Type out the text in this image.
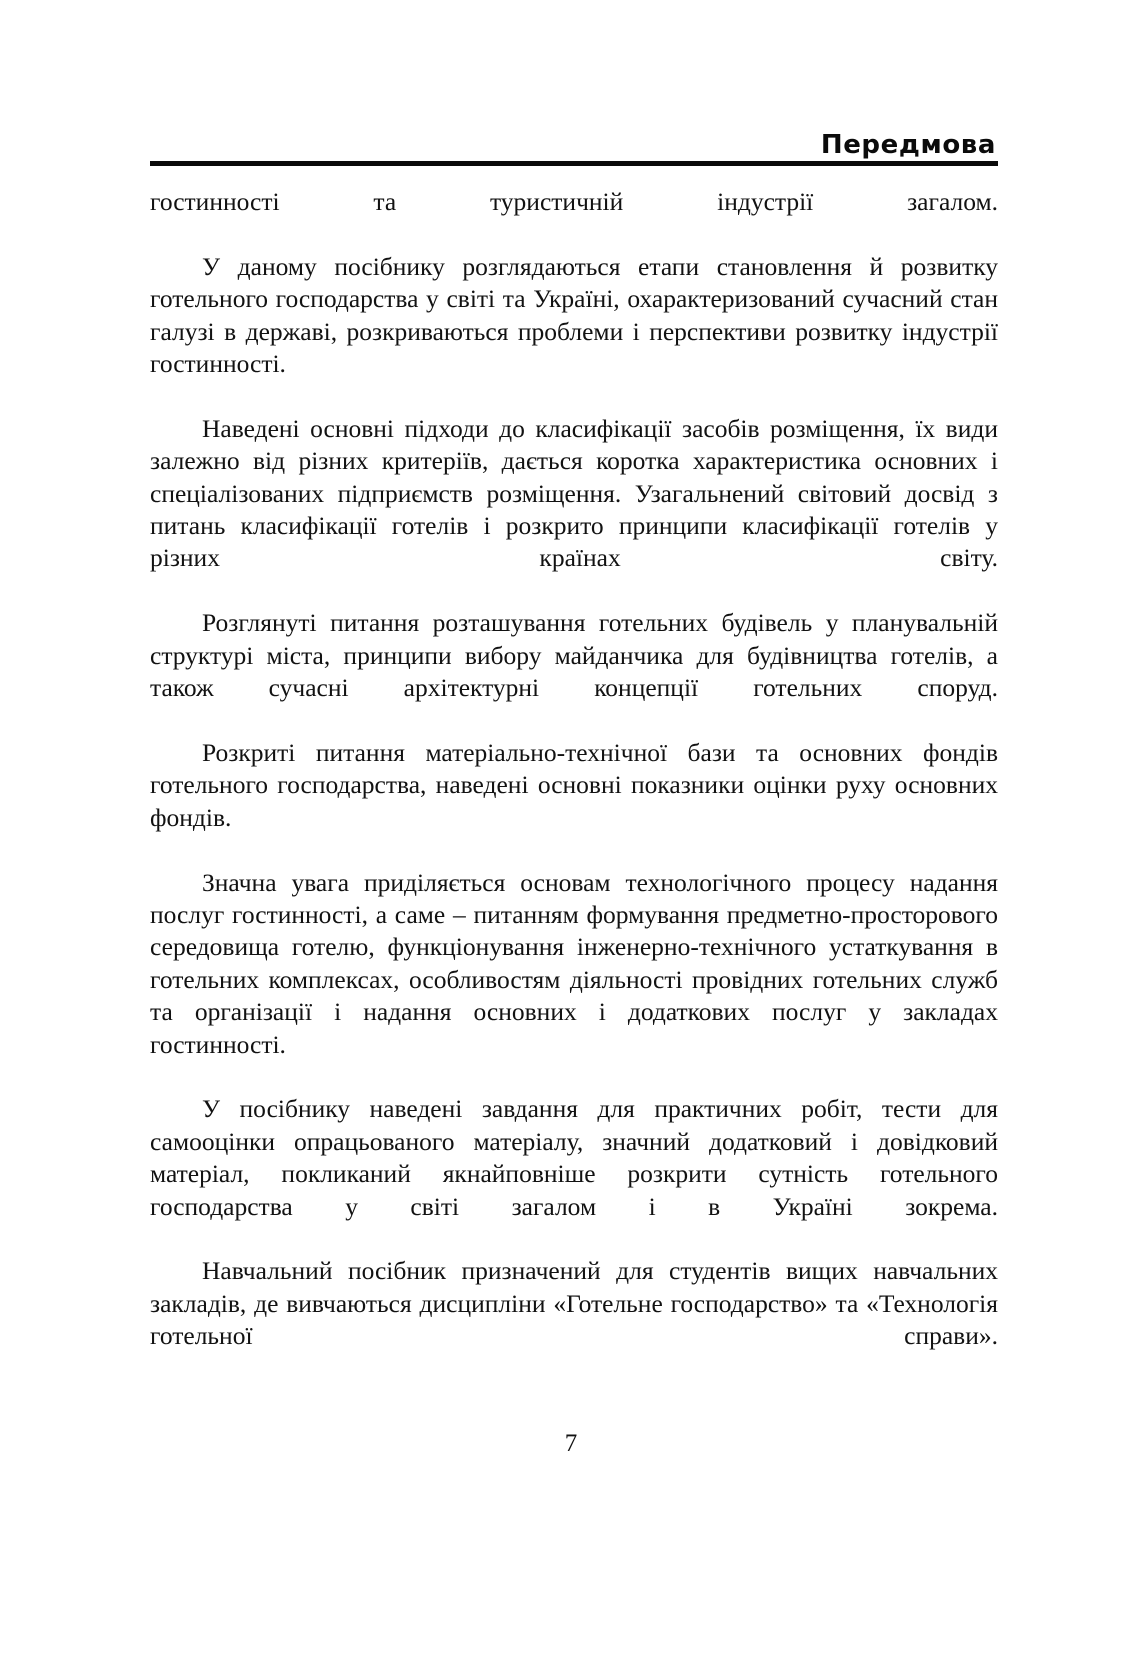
Передмова

гостинності та туристичній індустрії загалом.

У даному посібнику розглядаються етапи становлення й розвитку готельного господарства у світі та Україні, охарактеризований сучасний стан галузі в державі, розкриваються проблеми і перспективи розвитку індустрії гостинності.

Наведені основні підходи до класифікації засобів розміщення, їх види залежно від різних критеріїв, дається коротка характеристика основних і спеціалізованих підприємств розміщення. Узагальнений світовий досвід з питань класифікації готелів і розкрито принципи класифікації готелів у різних країнах світу.

Розглянуті питання розташування готельних будівель у планувальній структурі міста, принципи вибору майданчика для будівництва готелів, а також сучасні архітектурні концепції готельних споруд.

Розкриті питання матеріально-технічної бази та основних фондів готельного господарства, наведені основні показники оцінки руху основних фондів.

Значна увага приділяється основам технологічного процесу надання послуг гостинності, а саме – питанням формування предметно-просторового середовища готелю, функціонування інженерно-технічного устаткування в готельних комплексах, особливостям діяльності провідних готельних служб та організації і надання основних і додаткових послуг у закладах гостинності.

У посібнику наведені завдання для практичних робіт, тести для самооцінки опрацьованого матеріалу, значний додатковий і довідковий матеріал, покликаний якнайповніше розкрити сутність готельного господарства у світі загалом і в Україні зокрема.

Навчальний посібник призначений для студентів вищих навчальних закладів, де вивчаються дисципліни «Готельне господарство» та «Технологія готельної справи».

7
